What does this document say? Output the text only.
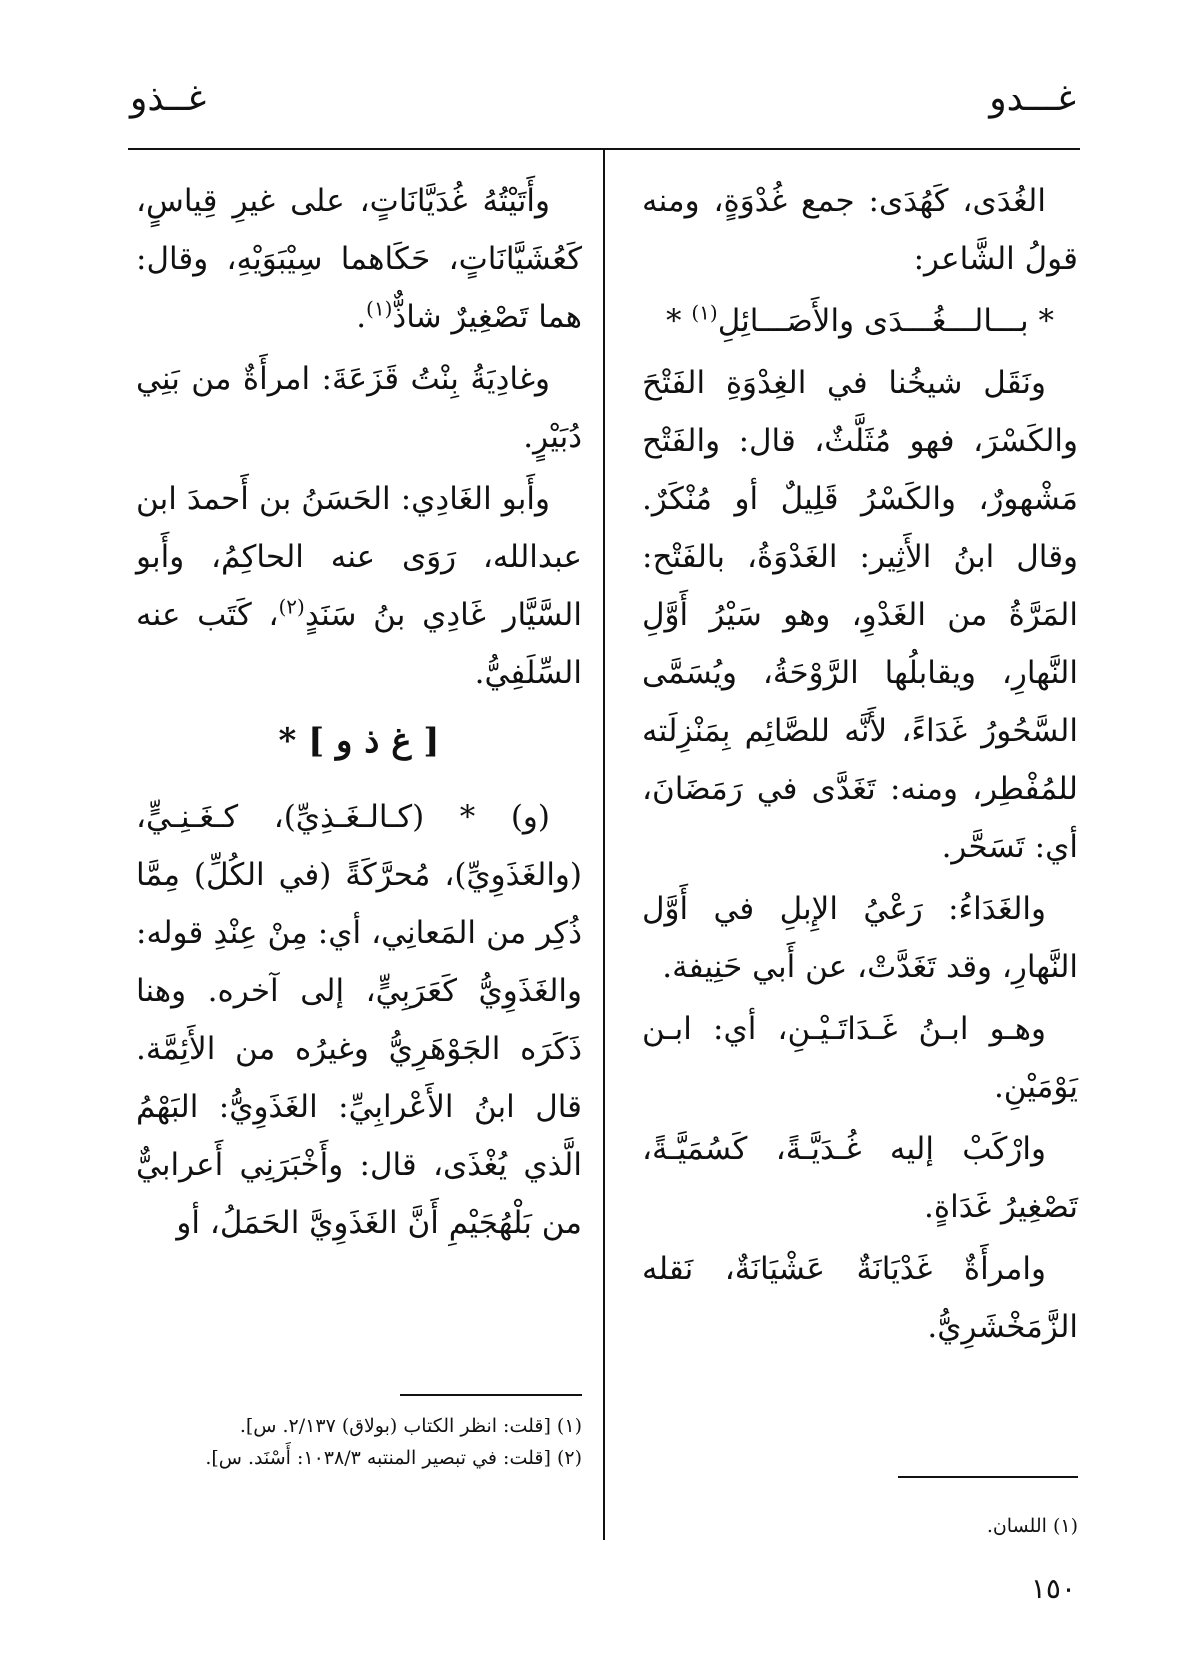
غـــدو
غــذو

الغُدَى، كَهُدَى: جمع غُدْوَةٍ، ومنه قولُ الشَّاعر:

* بـــالـــغُـــدَى والأَصَـــائِلِ$^{(١)}$ *

ونَقَل شيخُنا في الغِدْوَةِ الفَتْحَ والكَسْرَ، فهو مُثَلَّثٌ، قال: والفَتْح مَشْهورٌ، والكَسْرُ قَلِيلٌ أو مُنْكَرٌ. وقال ابنُ الأَثِير: الغَدْوَةُ، بالفَتْح: المَرَّةُ من الغَدْوِ، وهو سَيْرُ أَوَّلِ النَّهارِ، ويقابلُها الرَّوْحَةُ، ويُسَمَّى السَّحُورُ غَدَاءً، لأَنَّه للصَّائِم بِمَنْزِلَته للمُفْطِر، ومنه: تَغَدَّى في رَمَضَانَ، أي: تَسَحَّر.

والغَدَاءُ: رَعْيُ الإِبلِ في أَوَّل النَّهارِ، وقد تَغَدَّتْ، عن أَبي حَنِيفة.

وهـو ابـنُ غَـدَاتَـيْـنِ، أي: ابـن يَوْمَيْنِ.

وارْكَبْ إليه غُـدَيَّـةً، كَسُمَيَّـةً، تَصْغِيرُ غَدَاةٍ.

وامرأَةٌ غَدْيَانَةٌ عَشْيَانَةٌ، نَقله الزَّمَخْشَرِيُّ.

وأَتَيْتُهُ غُدَيَّانَاتٍ، على غيرِ قِياسٍ، كَعُشَيَّانَاتٍ، حَكَاهما سِيْبَوَيْهِ، وقال: هما تَصْغِيرٌ شاذٌّ$^{(١)}$.

وغادِيَةُ بِنْتُ قَزَعَةَ: امرأَةٌ من بَنِي دُبَيْرٍ.

وأَبو الغَادِي: الحَسَنُ بن أَحمدَ ابن عبدالله، رَوَى عنه الحاكِمُ، وأَبو السَّيَّار غَادِي بنُ سَنَدٍ$^{(٢)}$، كَتَب عنه السِّلَفِيُّ.

[ غ ذ و ] *

(و) * (كـالـغَـذِيِّ)، كـغَـنِـيٍّ، (والغَذَوِيِّ)، مُحرَّكَةً (في الكُلِّ) مِمَّا ذُكِر من المَعانِي، أي: مِنْ عِنْدِ قوله: والغَذَوِيُّ كَعَرَبِيٍّ، إلى آخره. وهنا ذَكَرَه الجَوْهَرِيُّ وغيرُه من الأَئِمَّة. قال ابنُ الأَعْرابِيِّ: الغَذَوِيُّ: البَهْمُ الَّذي يُغْذَى، قال: وأَخْبَرَنِي أَعرابيٌّ من بَلْهُجَيْمِ أَنَّ الغَذَوِيَّ الحَمَلُ، أو

(١) اللسان.

(١) [قلت: انظر الكتاب (بولاق) ٢/١٣٧. س].

(٢) [قلت: في تبصير المنتبه ١٠٣٨/٣: أَسْنَد. س].

١٥٠
